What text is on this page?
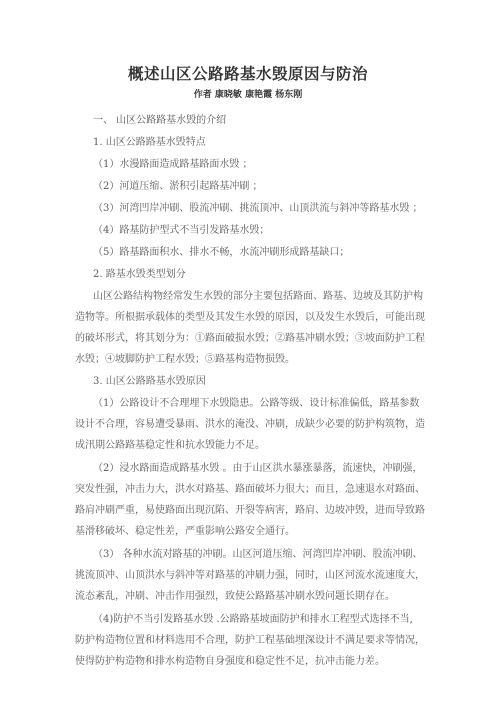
概述山区公路路基水毁原因与防治
作者 康晓敏 康艳霞 杨东刚
一、 山区公路路基水毁的介绍
1. 山区公路路基水毁特点
（1）水漫路面造成路基路面水毁 ；
（2）河道压缩、淤积引起路基冲刷 ；
（3）河湾凹岸冲刷、股流冲刷、挑流顶冲、山顶洪流与斜冲等路基水毁 ；
（4）路基防护型式不当引发路基水毁；
（5）路基路面积水、排水不畅，水流冲刷形成路基缺口；
2. 路基水毁类型划分
山区公路结构物经常发生水毁的部分主要包括路面、路基、边坡及其防护构
造物等。所根据承载体的类型及其发生水毁的原因，以及发生水毁后，可能出现
的破坏形式，将其划分为：①路面破损水毁；②路基冲刷水毁；③坡面防护工程
水毁；④坡脚防护工程水毁；⑤路基构造物损毁。
3. 山区公路路基水毁原因
（1）公路设计不合理埋下水毁隐患。公路等级、设计标准偏低，路基参数
设计不合理，容易遭受暴雨、洪水的淹没、冲刷，成缺少必要的防护构筑物，造
成汛期公路路基稳定性和抗水毁能力不足。
（2）浸水路面造成路基水毁 。由于山区洪水暴涨暴落，流速快，冲刷强，
突发性强，冲击力大，洪水对路基、路面破坏力很大；而且，急速退水对路面、
路肩冲刷严重，易使路面出现沉陷、开裂等病害，路肩、边坡冲毁，进而导致路
基滑移破坏、稳定性差，严重影响公路安全通行。
（3） 各种水流对路基的冲刷。山区河道压缩、河湾凹岸冲刷、股流冲刷、
挑流顶冲、山顶洪水与斜冲等对路基的冲刷力强，同时，山区河流水流速度大，
流态紊乱，冲刷、冲击作用强烈，致使公路路基冲刷水毁问题长期存在。
（4)防护不当引发路基水毁 .公路路基坡面防护和排水工程型式选择不当,
防护构造物位置和材料选用不合理，防护工程基础埋深设计不满足要求等情况，
使得防护构造物和排水构造物自身强度和稳定性不足，抗冲击能力差。
